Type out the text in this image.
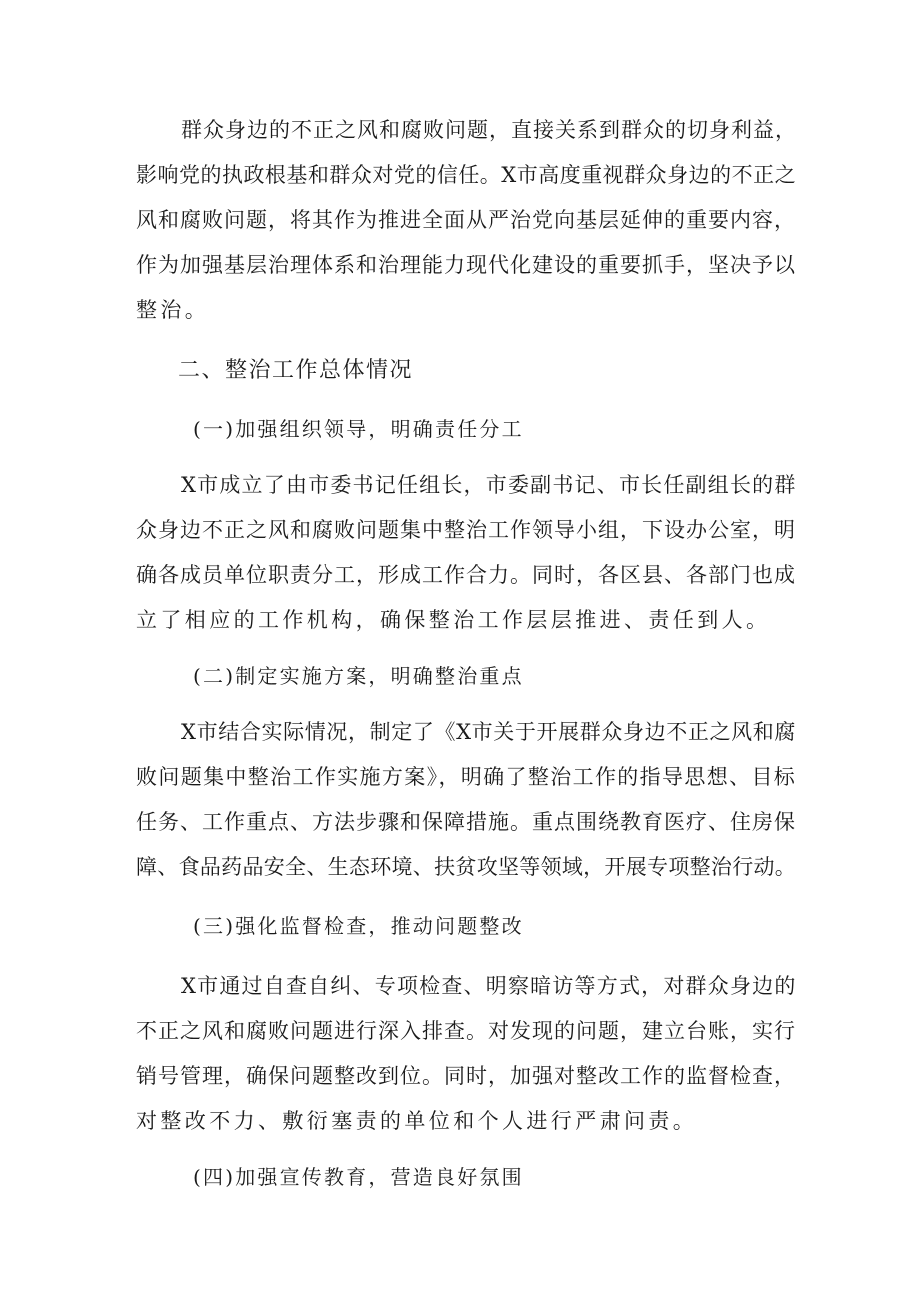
群众身边的不正之风和腐败问题，直接关系到群众的切身利益，
影响党的执政根基和群众对党的信任。X市高度重视群众身边的不正之
风和腐败问题，将其作为推进全面从严治党向基层延伸的重要内容，
作为加强基层治理体系和治理能力现代化建设的重要抓手，坚决予以
整治。
二、整治工作总体情况
(一)加强组织领导，明确责任分工
X市成立了由市委书记任组长，市委副书记、市长任副组长的群
众身边不正之风和腐败问题集中整治工作领导小组，下设办公室，明
确各成员单位职责分工，形成工作合力。同时，各区县、各部门也成
立了相应的工作机构，确保整治工作层层推进、责任到人。
(二)制定实施方案，明确整治重点
X市结合实际情况，制定了《X市关于开展群众身边不正之风和腐
败问题集中整治工作实施方案》，明确了整治工作的指导思想、目标
任务、工作重点、方法步骤和保障措施。重点围绕教育医疗、住房保
障、食品药品安全、生态环境、扶贫攻坚等领域，开展专项整治行动。
(三)强化监督检查，推动问题整改
X市通过自查自纠、专项检查、明察暗访等方式，对群众身边的
不正之风和腐败问题进行深入排查。对发现的问题，建立台账，实行
销号管理，确保问题整改到位。同时，加强对整改工作的监督检查，
对整改不力、敷衍塞责的单位和个人进行严肃问责。
(四)加强宣传教育，营造良好氛围
